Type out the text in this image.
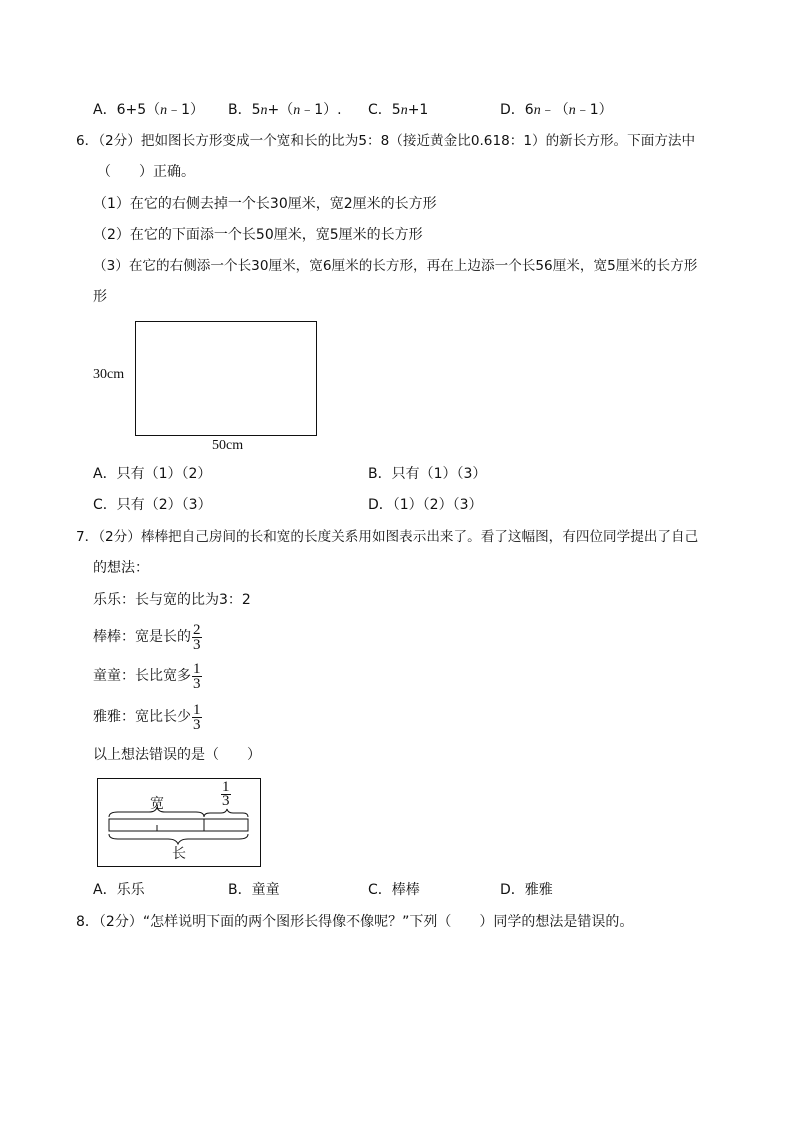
A．6+5（n﹣1） B．5n+（n﹣1）. C．5n+1	D．6n﹣（n﹣1）
6．（2分）把如图长方形变成一个宽和长的比为5：8（接近黄金比0.618：1）的新长方形。下面方法中
（　　）正确。
（1）在它的右侧去掉一个长30厘米，宽2厘米的长方形
（2）在它的下面添一个长50厘米，宽5厘米的长方形
（3）在它的右侧添一个长30厘米，宽6厘米的长方形，再在上边添一个长56厘米，宽5厘米的长方形
形
30cm
50cm
A．只有（1）（2）	B．只有（1）（3）
C．只有（2）（3）	D．（1）（2）（3）
7．（2分）棒棒把自己房间的长和宽的长度关系用如图表示出来了。看了这幅图，有四位同学提出了自己
的想法：
乐乐：长与宽的比为3：2
棒棒：宽是长的 $\frac{2}{3}$
童童：长比宽多 $\frac{1}{3}$
雅雅：宽比长少 $\frac{1}{3}$
以上想法错误的是（　　）
宽	$\frac{1}{3}$
长
A．乐乐	B．童童	C．棒棒	D．雅雅
8．（2分）“怎样说明下面的两个图形长得像不像呢？”下列（　　）同学的想法是错误的。
